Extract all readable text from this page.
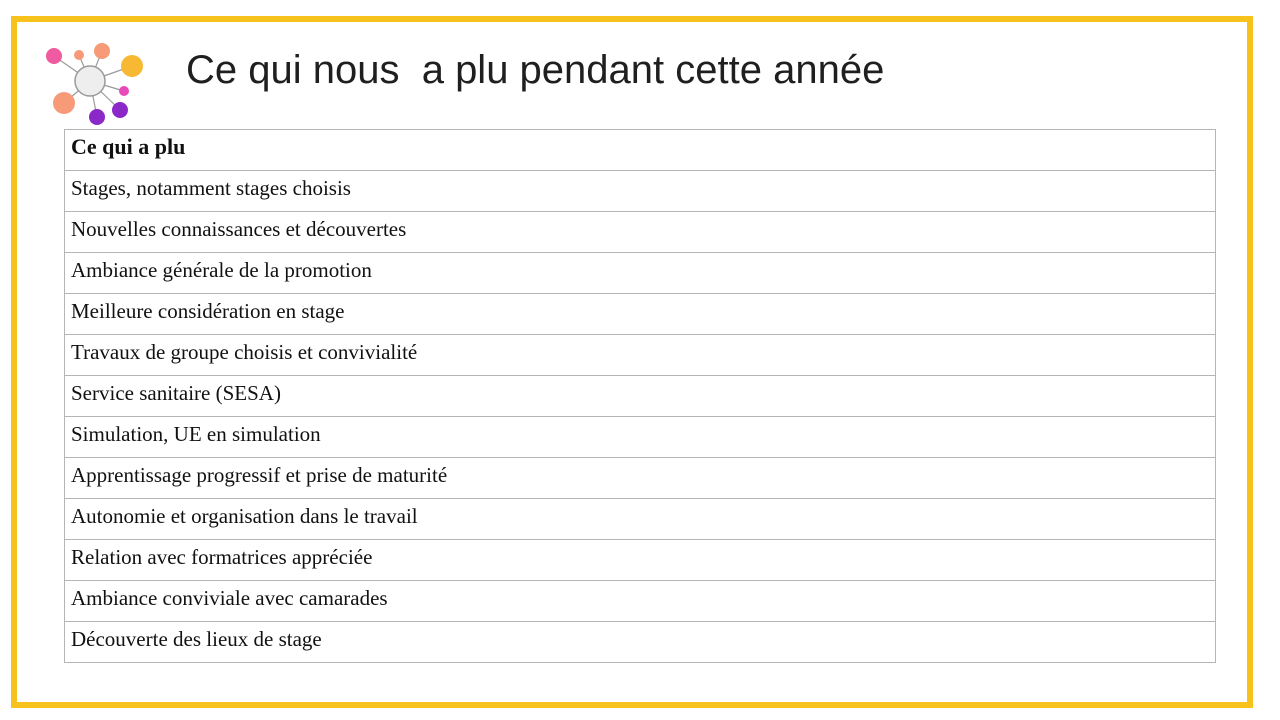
Ce qui nous  a plu pendant cette année
Ce qui a plu
Stages, notamment stages choisis
Nouvelles connaissances et découvertes
Ambiance générale de la promotion
Meilleure considération en stage
Travaux de groupe choisis et convivialité
Service sanitaire (SESA)
Simulation, UE en simulation
Apprentissage progressif et prise de maturité
Autonomie et organisation dans le travail
Relation avec formatrices appréciée
Ambiance conviviale avec camarades
Découverte des lieux de stage
